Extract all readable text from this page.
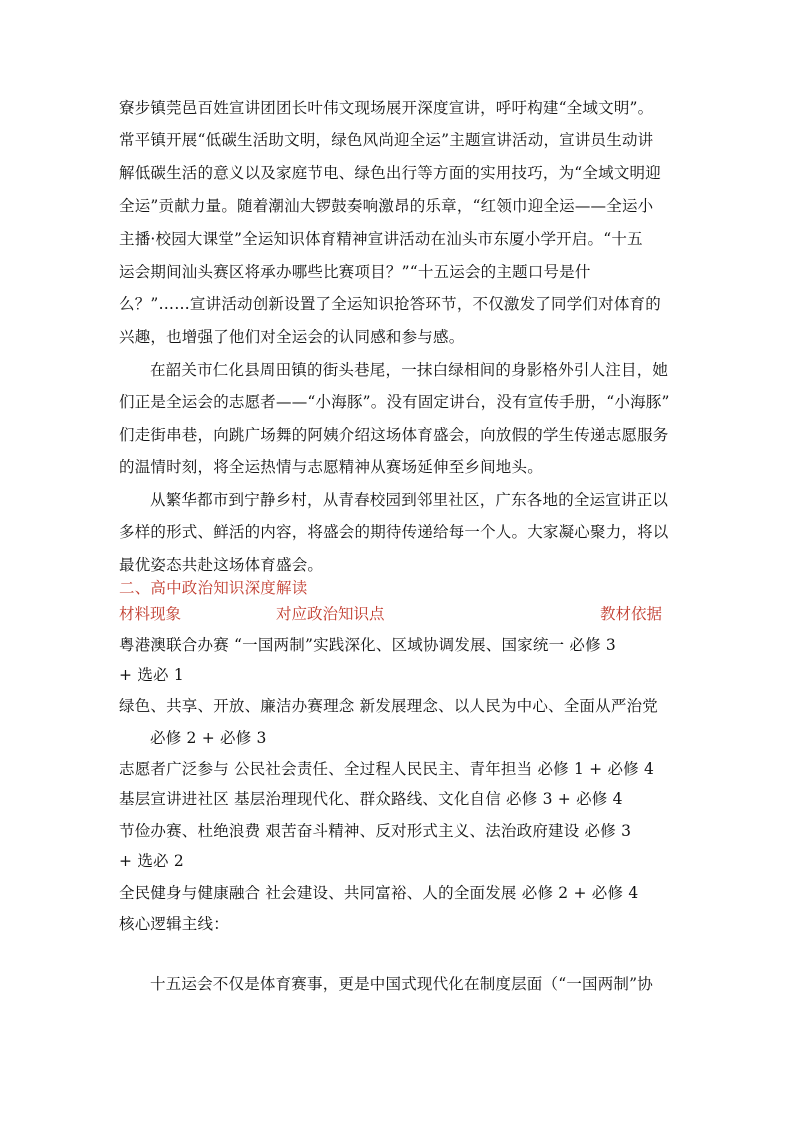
寮步镇莞邑百姓宣讲团团长叶伟文现场展开深度宣讲，呼吁构建“全域文明”。
常平镇开展“低碳生活助文明，绿色风尚迎全运”主题宣讲活动，宣讲员生动讲
解低碳生活的意义以及家庭节电、绿色出行等方面的实用技巧，为“全域文明迎
全运”贡献力量。随着潮汕大锣鼓奏响激昂的乐章，“红领巾迎全运——全运小
主播·校园大课堂”全运知识体育精神宣讲活动在汕头市东厦小学开启。“十五
运会期间汕头赛区将承办哪些比赛项目？”“十五运会的主题口号是什
么？”……宣讲活动创新设置了全运知识抢答环节，不仅激发了同学们对体育的
兴趣，也增强了他们对全运会的认同感和参与感。
在韶关市仁化县周田镇的街头巷尾，一抹白绿相间的身影格外引人注目，她
们正是全运会的志愿者——“小海豚”。没有固定讲台，没有宣传手册，“小海豚”
们走街串巷，向跳广场舞的阿姨介绍这场体育盛会，向放假的学生传递志愿服务
的温情时刻，将全运热情与志愿精神从赛场延伸至乡间地头。
从繁华都市到宁静乡村，从青春校园到邻里社区，广东各地的全运宣讲正以
多样的形式、鲜活的内容，将盛会的期待传递给每一个人。大家凝心聚力，将以
最优姿态共赴这场体育盛会。
二、高中政治知识深度解读
材料现象	对应政治知识点	教材依据
粤港澳联合办赛 “一国两制”实践深化、区域协调发展、国家统一 必修 3
+ 选必 1
绿色、共享、开放、廉洁办赛理念 新发展理念、以人民为中心、全面从严治党
必修 2 + 必修 3
志愿者广泛参与 公民社会责任、全过程人民民主、青年担当 必修 1 + 必修 4
基层宣讲进社区 基层治理现代化、群众路线、文化自信 必修 3 + 必修 4
节俭办赛、杜绝浪费 艰苦奋斗精神、反对形式主义、法治政府建设 必修 3
+ 选必 2
全民健身与健康融合 社会建设、共同富裕、人的全面发展 必修 2 + 必修 4
核心逻辑主线：
十五运会不仅是体育赛事，更是中国式现代化在制度层面（“一国两制”协
